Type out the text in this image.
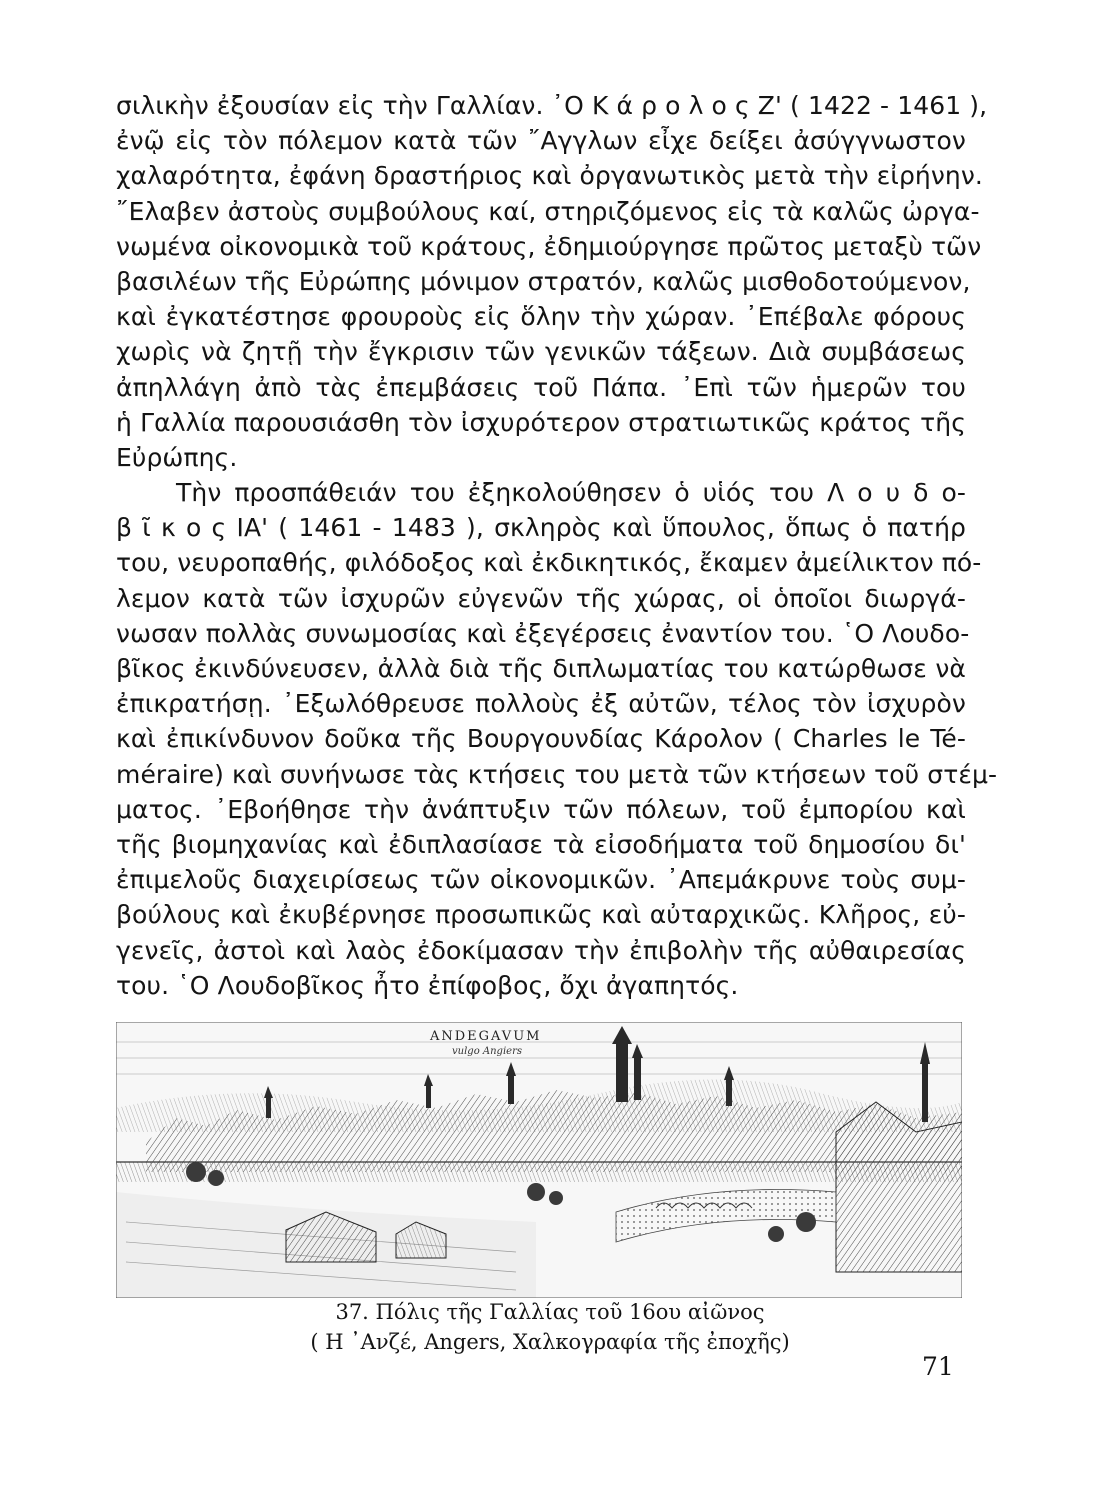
σιλικὴν ἐξουσίαν εἰς τὴν Γαλλίαν. ᾿Ο Κ ά ρ ο λ ο ς Ζ' ( 1422 - 1461 ),
ἐνῷ εἰς τὸν πόλεμον κατὰ τῶν ῎Αγγλων εἶχε δείξει ἀσύγγνωστον
χαλαρότητα, ἐφάνη δραστήριος καὶ ὀργανωτικὸς μετὰ τὴν εἰρήνην.
῎Ελαβεν ἀστοὺς συμβούλους καί, στηριζόμενος εἰς τὰ καλῶς ὠργα-
νωμένα οἰκονομικὰ τοῦ κράτους, ἐδημιούργησε πρῶτος μεταξὺ τῶν
βασιλέων τῆς Εὐρώπης μόνιμον στρατόν, καλῶς μισθοδοτούμενον,
καὶ ἐγκατέστησε φρουροὺς εἰς ὅλην τὴν χώραν. ᾿Επέβαλε φόρους
χωρὶς νὰ ζητῇ τὴν ἔγκρισιν τῶν γενικῶν τάξεων. Διὰ συμβάσεως
ἀπηλλάγη ἀπὸ τὰς ἐπεμβάσεις τοῦ Πάπα. ᾿Επὶ τῶν ἡμερῶν του
ἡ Γαλλία παρουσιάσθη τὸν ἰσχυρότερον στρατιωτικῶς κράτος τῆς
Εὐρώπης.
Τὴν προσπάθειάν του ἐξηκολούθησεν ὁ υἱός του Λ ο υ δ ο-
β ῖ κ ο ς ΙΑ' ( 1461 - 1483 ), σκληρὸς καὶ ὕπουλος, ὅπως ὁ πατήρ
του, νευροπαθής, φιλόδοξος καὶ ἐκδικητικός, ἔκαμεν ἀμείλικτον πό-
λεμον κατὰ τῶν ἰσχυρῶν εὐγενῶν τῆς χώρας, οἱ ὁποῖοι διωργά-
νωσαν πολλὰς συνωμοσίας καὶ ἐξεγέρσεις ἐναντίον του. ῾Ο Λουδο-
βῖκος ἐκινδύνευσεν, ἀλλὰ διὰ τῆς διπλωματίας του κατώρθωσε νὰ
ἐπικρατήσῃ. ᾿Εξωλόθρευσε πολλοὺς ἐξ αὐτῶν, τέλος τὸν ἰσχυρὸν
καὶ ἐπικίνδυνον δοῦκα τῆς Βουργουνδίας Κάρολον ( Charles le Té-
méraire) καὶ συνήνωσε τὰς κτήσεις του μετὰ τῶν κτήσεων τοῦ στέμ-
ματος. ᾿Εβοήθησε τὴν ἀνάπτυξιν τῶν πόλεων, τοῦ ἐμπορίου καὶ
τῆς βιομηχανίας καὶ ἐδιπλασίασε τὰ εἰσοδήματα τοῦ δημοσίου δι'
ἐπιμελοῦς διαχειρίσεως τῶν οἰκονομικῶν. ᾿Απεμάκρυνε τοὺς συμ-
βούλους καὶ ἐκυβέρνησε προσωπικῶς καὶ αὐταρχικῶς. Κλῆρος, εὐ-
γενεῖς, ἀστοὶ καὶ λαὸς ἐδοκίμασαν τὴν ἐπιβολὴν τῆς αὐθαιρεσίας
του. ῾Ο Λουδοβῖκος ἦτο ἐπίφοβος, ὄχι ἀγαπητός.
ANDEGAVUM
vulgo Angiers
37. Πόλις τῆς Γαλλίας τοῦ 16ου αἰῶνος
( Η ᾿Ανζέ, Angers, Χαλκογραφία τῆς ἐποχῆς)
71
